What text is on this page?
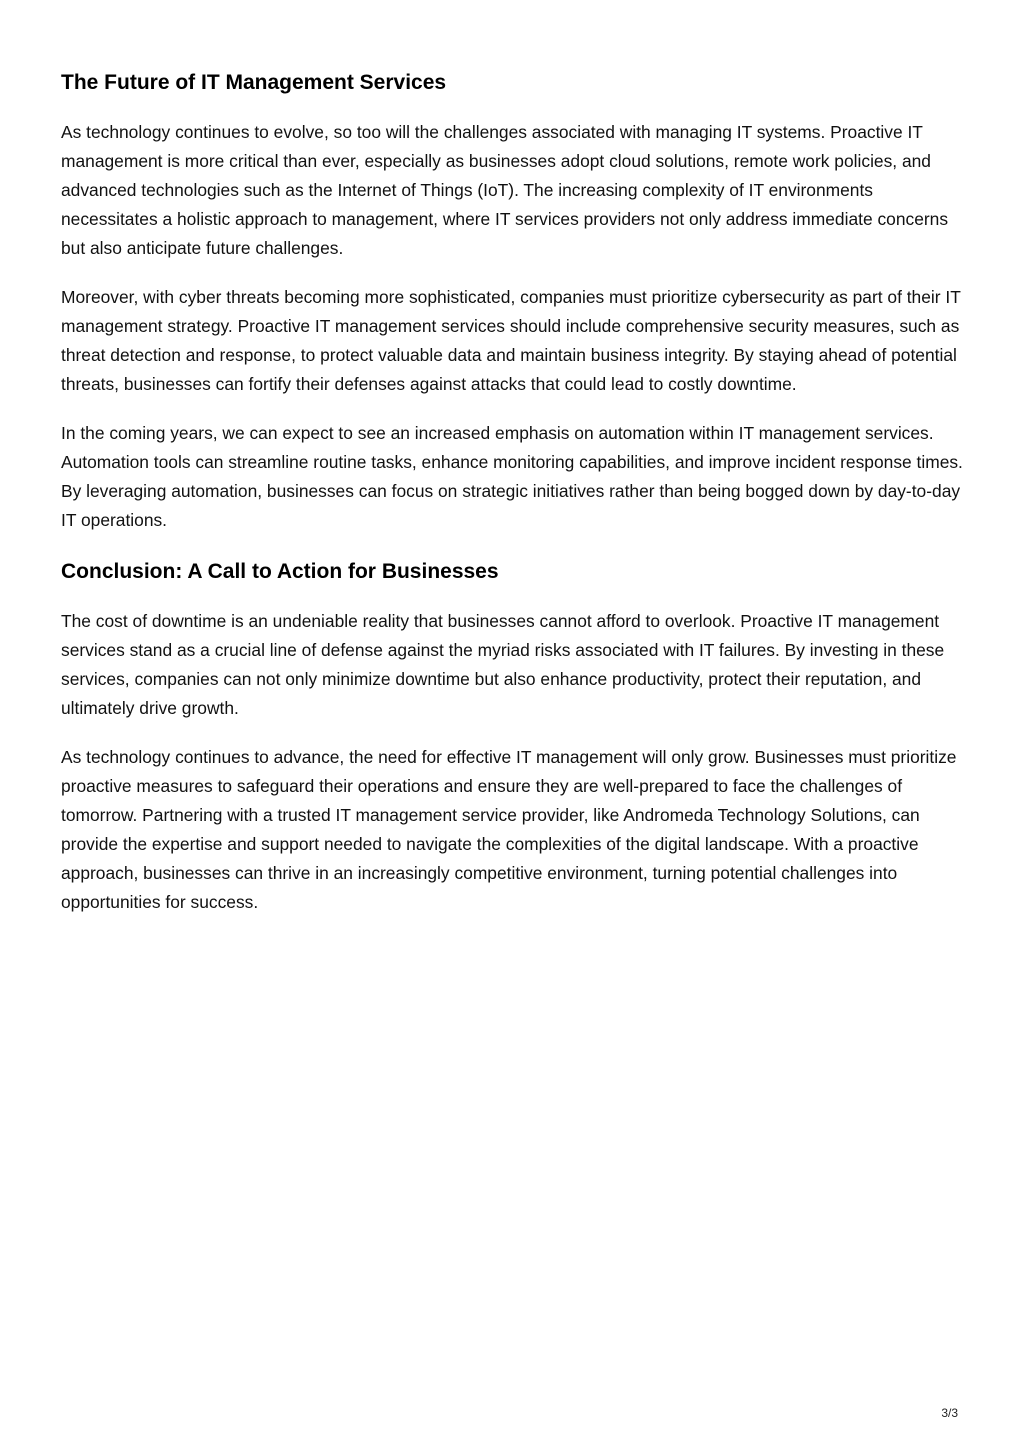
The Future of IT Management Services

As technology continues to evolve, so too will the challenges associated with managing IT systems. Proactive IT management is more critical than ever, especially as businesses adopt cloud solutions, remote work policies, and advanced technologies such as the Internet of Things (IoT). The increasing complexity of IT environments necessitates a holistic approach to management, where IT services providers not only address immediate concerns but also anticipate future challenges.

Moreover, with cyber threats becoming more sophisticated, companies must prioritize cybersecurity as part of their IT management strategy. Proactive IT management services should include comprehensive security measures, such as threat detection and response, to protect valuable data and maintain business integrity. By staying ahead of potential threats, businesses can fortify their defenses against attacks that could lead to costly downtime.

In the coming years, we can expect to see an increased emphasis on automation within IT management services. Automation tools can streamline routine tasks, enhance monitoring capabilities, and improve incident response times. By leveraging automation, businesses can focus on strategic initiatives rather than being bogged down by day-to-day IT operations.

Conclusion: A Call to Action for Businesses

The cost of downtime is an undeniable reality that businesses cannot afford to overlook. Proactive IT management services stand as a crucial line of defense against the myriad risks associated with IT failures. By investing in these services, companies can not only minimize downtime but also enhance productivity, protect their reputation, and ultimately drive growth.

As technology continues to advance, the need for effective IT management will only grow. Businesses must prioritize proactive measures to safeguard their operations and ensure they are well-prepared to face the challenges of tomorrow. Partnering with a trusted IT management service provider, like Andromeda Technology Solutions, can provide the expertise and support needed to navigate the complexities of the digital landscape. With a proactive approach, businesses can thrive in an increasingly competitive environment, turning potential challenges into opportunities for success.

3/3
